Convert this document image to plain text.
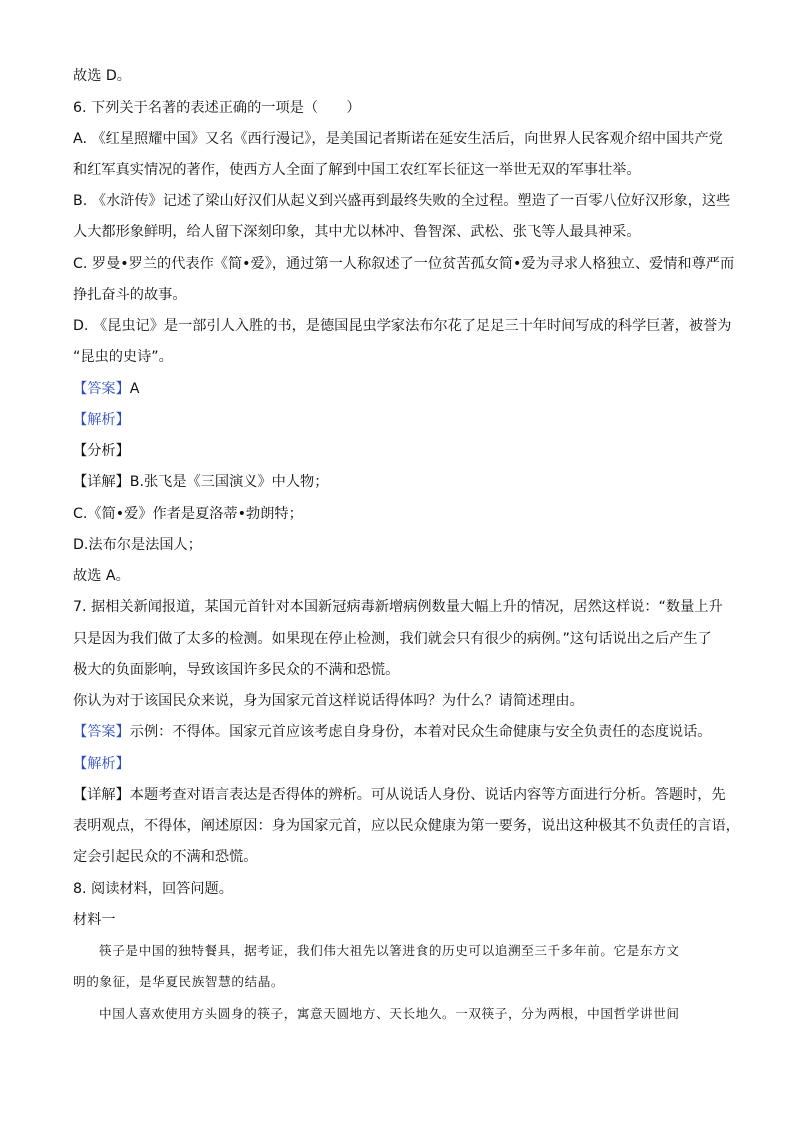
故选 D。
6. 下列关于名著的表述正确的一项是（　　）
A. 《红星照耀中国》又名《西行漫记》，是美国记者斯诺在延安生活后，向世界人民客观介绍中国共产党
和红军真实情况的著作，使西方人全面了解到中国工农红军长征这一举世无双的军事壮举。
B. 《水浒传》记述了梁山好汉们从起义到兴盛再到最终失败的全过程。塑造了一百零八位好汉形象，这些
人大都形象鲜明，给人留下深刻印象，其中尤以林冲、鲁智深、武松、张飞等人最具神采。
C. 罗曼•罗兰的代表作《简•爱》，通过第一人称叙述了一位贫苦孤女简•爱为寻求人格独立、爱情和尊严而
挣扎奋斗的故事。
D. 《昆虫记》是一部引人入胜的书，是德国昆虫学家法布尔花了足足三十年时间写成的科学巨著，被誉为
“昆虫的史诗”。
【答案】A
【解析】
【分析】
【详解】B.张飞是《三国演义》中人物；
C.《简•爱》作者是夏洛蒂•勃朗特；
D.法布尔是法国人；
故选 A。
7. 据相关新闻报道，某国元首针对本国新冠病毒新增病例数量大幅上升的情况，居然这样说：“数量上升
只是因为我们做了太多的检测。如果现在停止检测，我们就会只有很少的病例。”这句话说出之后产生了
极大的负面影响，导致该国许多民众的不满和恐慌。
你认为对于该国民众来说，身为国家元首这样说话得体吗？为什么？请简述理由。
【答案】示例：不得体。国家元首应该考虑自身身份，本着对民众生命健康与安全负责任的态度说话。
【解析】
【详解】本题考查对语言表达是否得体的辨析。可从说话人身份、说话内容等方面进行分析。答题时，先
表明观点，不得体，阐述原因：身为国家元首，应以民众健康为第一要务，说出这种极其不负责任的言语，
定会引起民众的不满和恐慌。
8. 阅读材料，回答问题。
材料一
筷子是中国的独特餐具，据考证，我们伟大祖先以箸进食的历史可以追溯至三千多年前。它是东方文
明的象征，是华夏民族智慧的结晶。
中国人喜欢使用方头圆身的筷子，寓意天圆地方、天长地久。一双筷子，分为两根，中国哲学讲世间
